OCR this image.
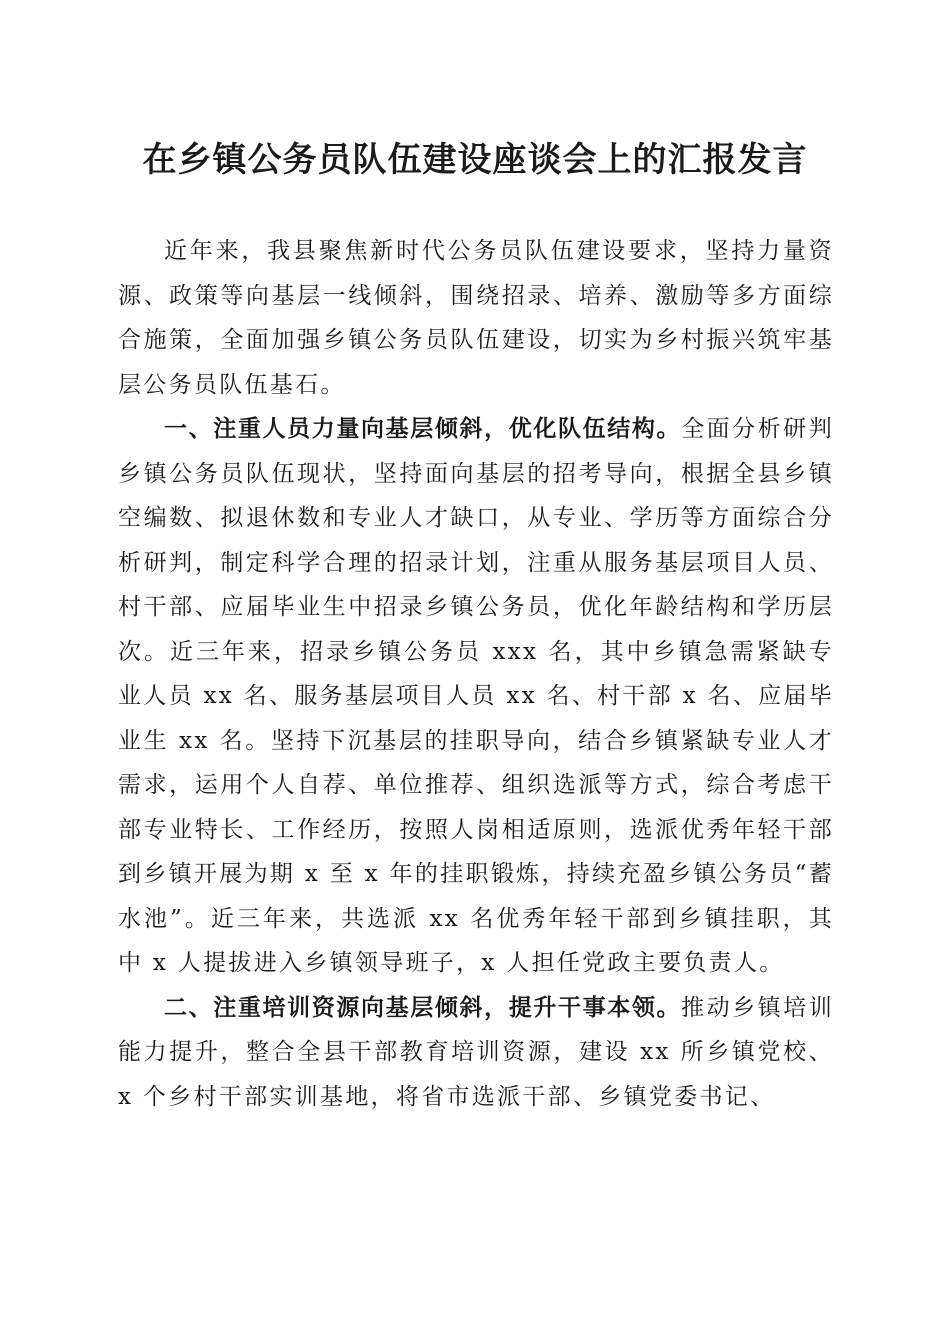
在乡镇公务员队伍建设座谈会上的汇报发言

近年来，我县聚焦新时代公务员队伍建设要求，坚持力量资源、政策等向基层一线倾斜，围绕招录、培养、激励等多方面综合施策，全面加强乡镇公务员队伍建设，切实为乡村振兴筑牢基层公务员队伍基石。

一、注重人员力量向基层倾斜，优化队伍结构。全面分析研判乡镇公务员队伍现状，坚持面向基层的招考导向，根据全县乡镇空编数、拟退休数和专业人才缺口，从专业、学历等方面综合分析研判，制定科学合理的招录计划，注重从服务基层项目人员、村干部、应届毕业生中招录乡镇公务员，优化年龄结构和学历层次。近三年来，招录乡镇公务员 xxx 名，其中乡镇急需紧缺专业人员 xx 名、服务基层项目人员 xx 名、村干部 x 名、应届毕业生 xx 名。坚持下沉基层的挂职导向，结合乡镇紧缺专业人才需求，运用个人自荐、单位推荐、组织选派等方式，综合考虑干部专业特长、工作经历，按照人岗相适原则，选派优秀年轻干部到乡镇开展为期 x 至 x 年的挂职锻炼，持续充盈乡镇公务员“蓄水池”。近三年来，共选派 xx 名优秀年轻干部到乡镇挂职，其中 x 人提拔进入乡镇领导班子，x 人担任党政主要负责人。

二、注重培训资源向基层倾斜，提升干事本领。推动乡镇培训能力提升，整合全县干部教育培训资源，建设 xx 所乡镇党校、x 个乡村干部实训基地，将省市选派干部、乡镇党委书记、
